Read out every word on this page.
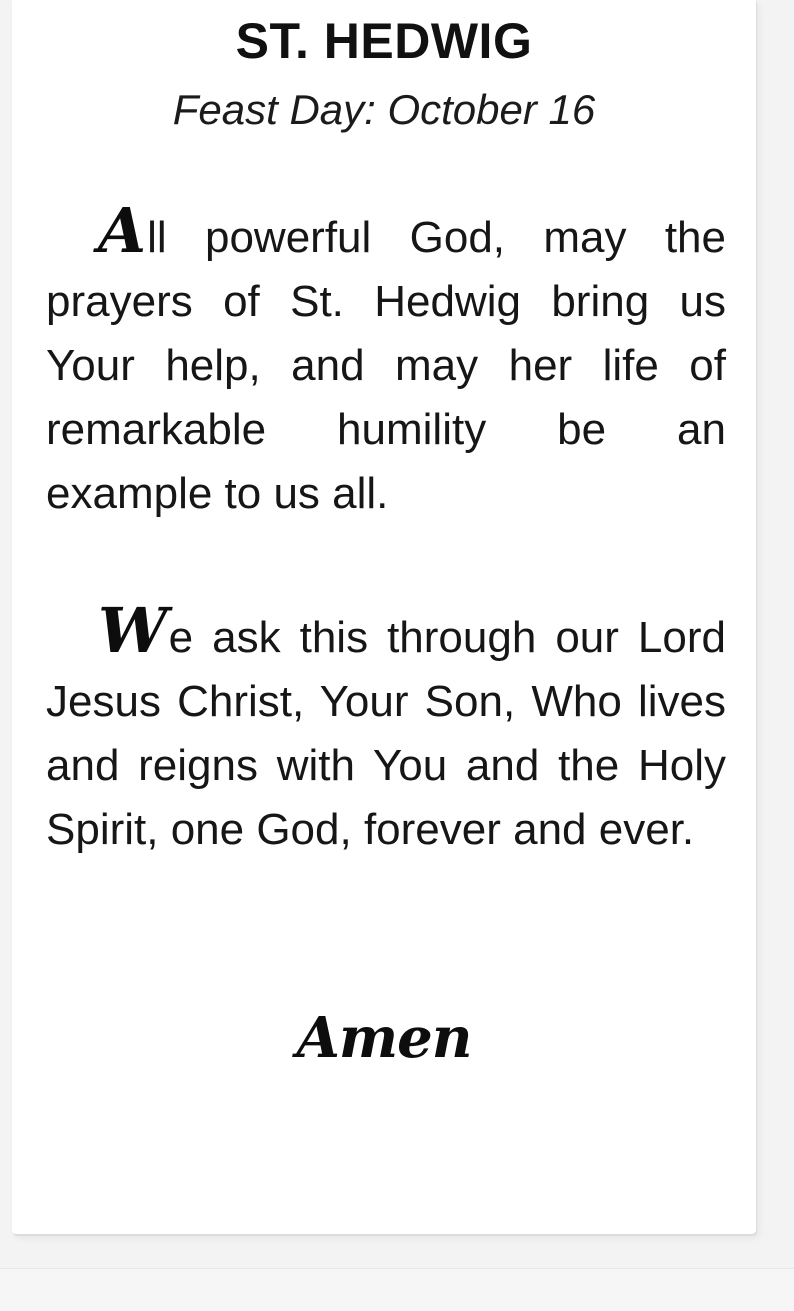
ST. HEDWIG
Feast Day: October 16
All powerful God, may the prayers of St. Hedwig bring us Your help, and may her life of remarkable humility be an example to us all.
We ask this through our Lord Jesus Christ, Your Son, Who lives and reigns with You and the Holy Spirit, one God, forever and ever.
Amen
